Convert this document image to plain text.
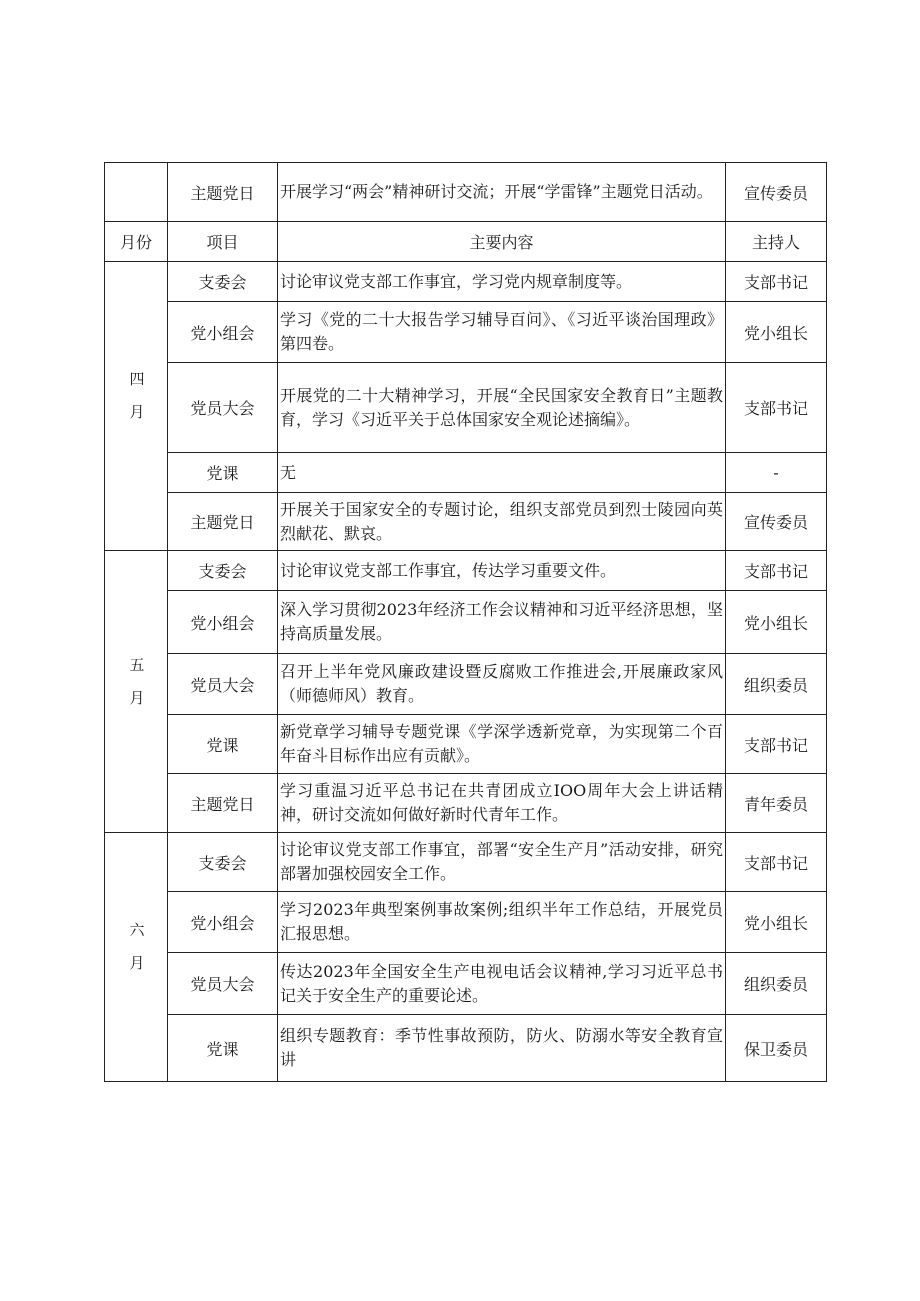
	主题党日	开展学习“两会”精神研讨交流；开展“学雷锋”主题党日活动。	宣传委员
月份	项目	主要内容	主持人
四月	支委会	讨论审议党支部工作事宜，学习党内规章制度等。	支部书记
	党小组会	学习《党的二十大报告学习辅导百问》、《习近平谈治国理政》第四卷。	党小组长
	党员大会	开展党的二十大精神学习，开展“全民国家安全教育日”主题教育，学习《习近平关于总体国家安全观论述摘编》。	支部书记
	党课	无	-
	主题党日	开展关于国家安全的专题讨论，组织支部党员到烈士陵园向英烈献花、默哀。	宣传委员
五月	支委会	讨论审议党支部工作事宜，传达学习重要文件。	支部书记
	党小组会	深入学习贯彻2023年经济工作会议精神和习近平经济思想，坚持高质量发展。	党小组长
	党员大会	召开上半年党风廉政建设暨反腐败工作推进会,开展廉政家风（师德师风）教育。	组织委员
	党课	新党章学习辅导专题党课《学深学透新党章，为实现第二个百年奋斗目标作出应有贡献》。	支部书记
	主题党日	学习重温习近平总书记在共青团成立IOO周年大会上讲话精神，研讨交流如何做好新时代青年工作。	青年委员
六月	支委会	讨论审议党支部工作事宜，部署“安全生产月”活动安排，研究部署加强校园安全工作。	支部书记
	党小组会	学习2023年典型案例事故案例;组织半年工作总结，开展党员汇报思想。	党小组长
	党员大会	传达2023年全国安全生产电视电话会议精神,学习习近平总书记关于安全生产的重要论述。	组织委员
	党课	组织专题教育：季节性事故预防，防火、防溺水等安全教育宣讲	保卫委员
